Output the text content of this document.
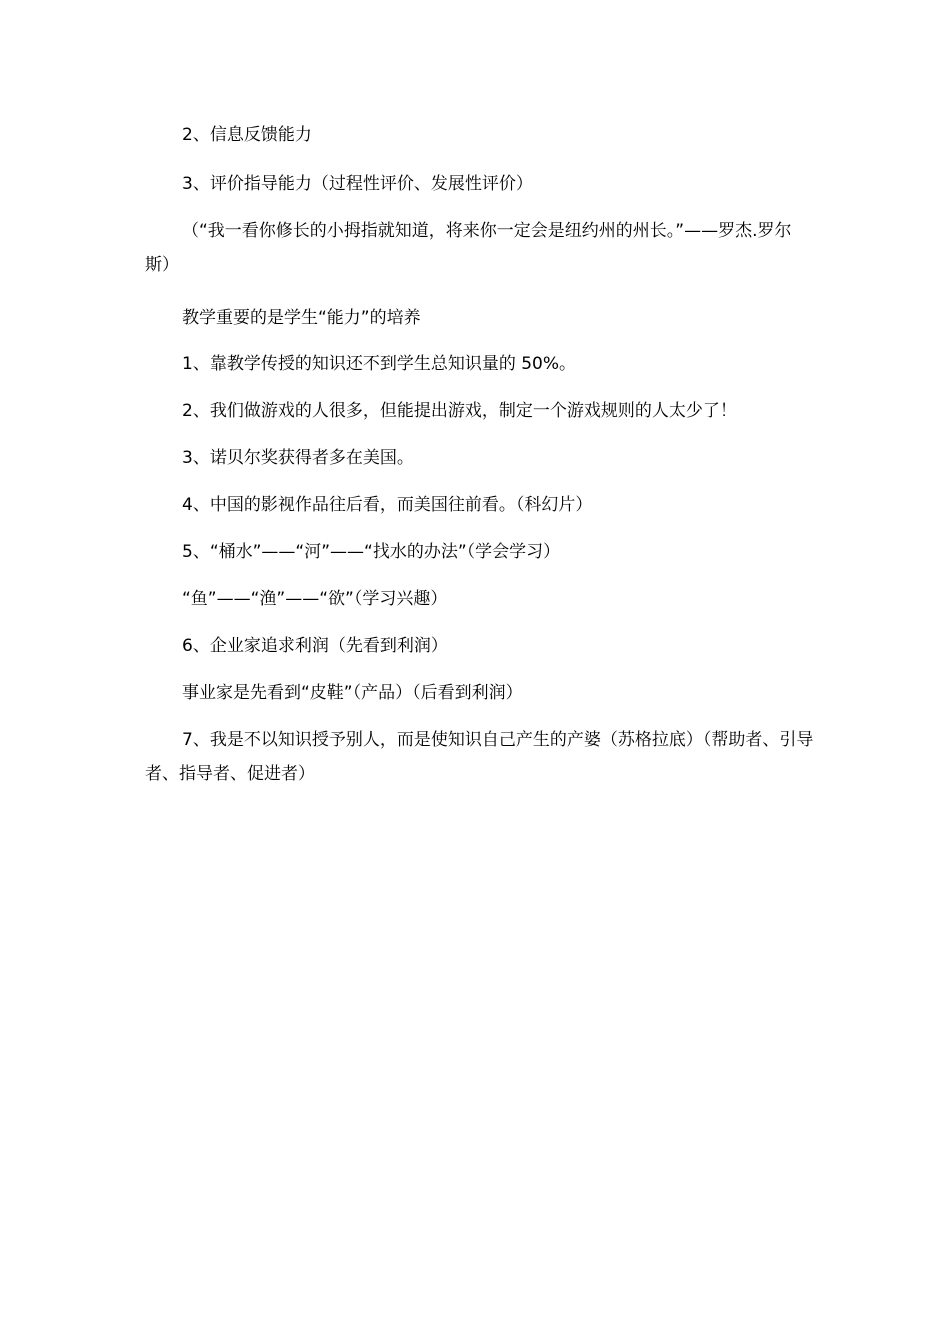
2、信息反馈能力

3、评价指导能力（过程性评价、发展性评价）

（“我一看你修长的小拇指就知道，将来你一定会是纽约州的州长。”——罗杰.罗尔斯）

教学重要的是学生“能力”的培养

1、靠教学传授的知识还不到学生总知识量的 50%。

2、我们做游戏的人很多，但能提出游戏，制定一个游戏规则的人太少了！

3、诺贝尔奖获得者多在美国。

4、中国的影视作品往后看，而美国往前看。（科幻片）

5、“桶水”——“河”——“找水的办法”（学会学习）

“鱼”——“渔”——“欲”（学习兴趣）

6、企业家追求利润（先看到利润）

事业家是先看到“皮鞋”（产品）（后看到利润）

7、我是不以知识授予别人，而是使知识自己产生的产婆（苏格拉底）（帮助者、引导者、指导者、促进者）
